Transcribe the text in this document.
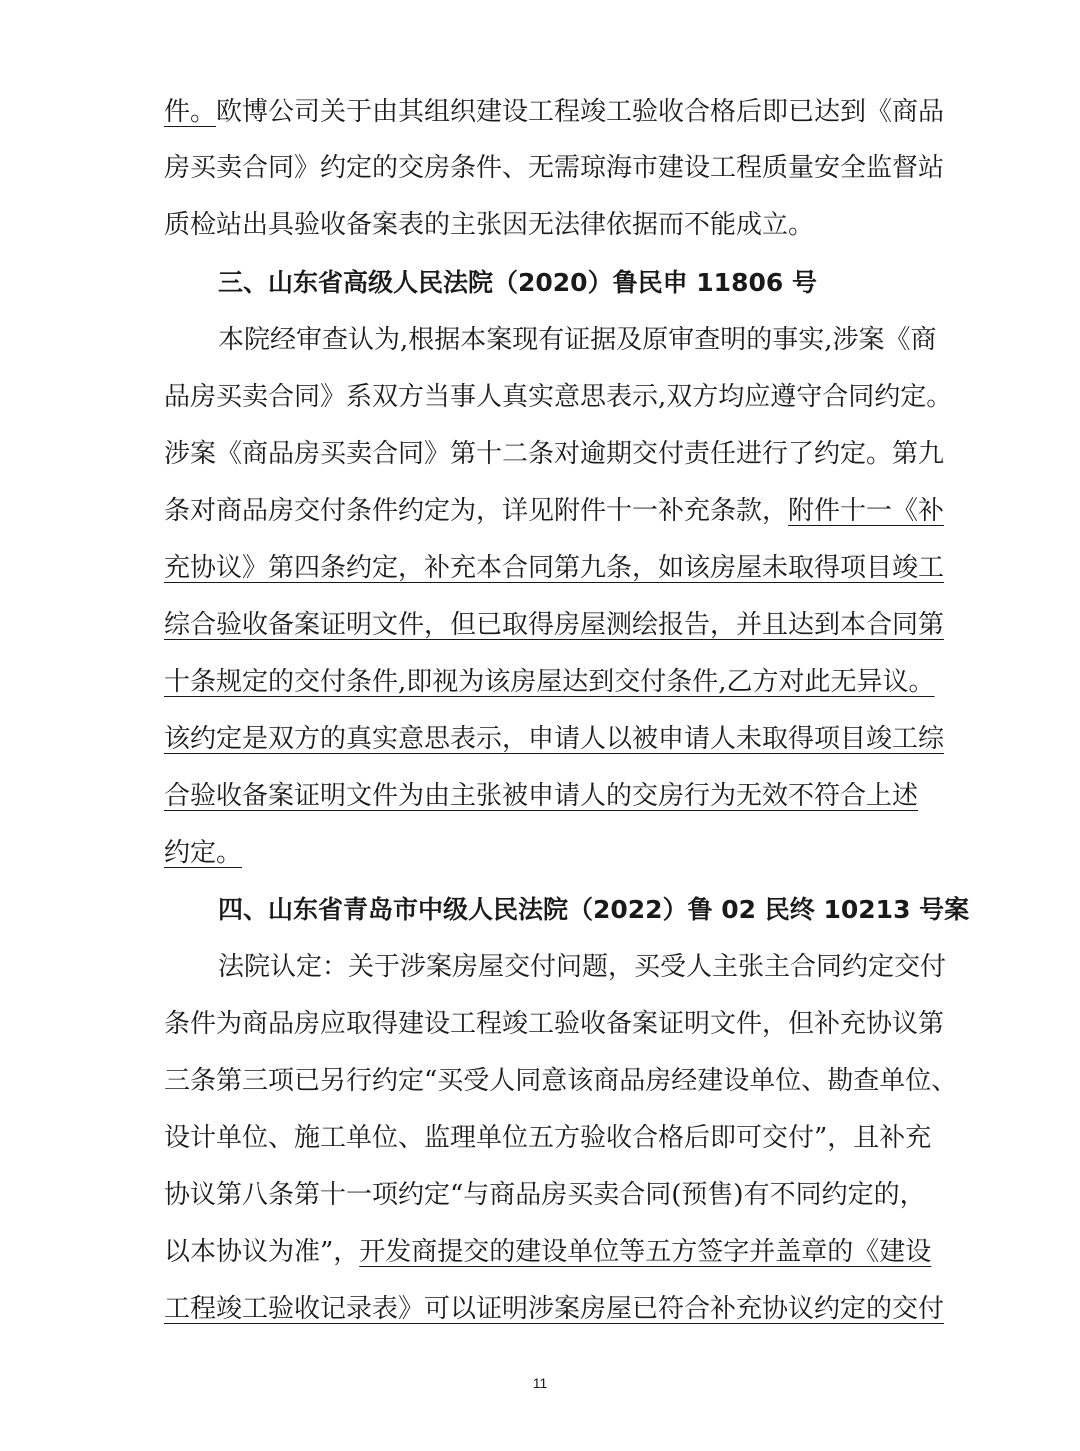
件。欧博公司关于由其组织建设工程竣工验收合格后即已达到《商品
房买卖合同》约定的交房条件、无需琼海市建设工程质量安全监督站
质检站出具验收备案表的主张因无法律依据而不能成立。
三、山东省高级人民法院（2020）鲁民申 11806 号
本院经审查认为,根据本案现有证据及原审查明的事实,涉案《商
品房买卖合同》系双方当事人真实意思表示,双方均应遵守合同约定。
涉案《商品房买卖合同》第十二条对逾期交付责任进行了约定。第九
条对商品房交付条件约定为，详见附件十一补充条款，附件十一《补
充协议》第四条约定，补充本合同第九条，如该房屋未取得项目竣工
综合验收备案证明文件，但已取得房屋测绘报告，并且达到本合同第
十条规定的交付条件,即视为该房屋达到交付条件,乙方对此无异议。
该约定是双方的真实意思表示，申请人以被申请人未取得项目竣工综
合验收备案证明文件为由主张被申请人的交房行为无效不符合上述
约定。
四、山东省青岛市中级人民法院（2022）鲁 02 民终 10213 号案
法院认定：关于涉案房屋交付问题，买受人主张主合同约定交付
条件为商品房应取得建设工程竣工验收备案证明文件，但补充协议第
三条第三项已另行约定“买受人同意该商品房经建设单位、勘查单位、
设计单位、施工单位、监理单位五方验收合格后即可交付”，且补充
协议第八条第十一项约定“与商品房买卖合同(预售)有不同约定的，
以本协议为准”，开发商提交的建设单位等五方签字并盖章的《建设
工程竣工验收记录表》可以证明涉案房屋已符合补充协议约定的交付
11
